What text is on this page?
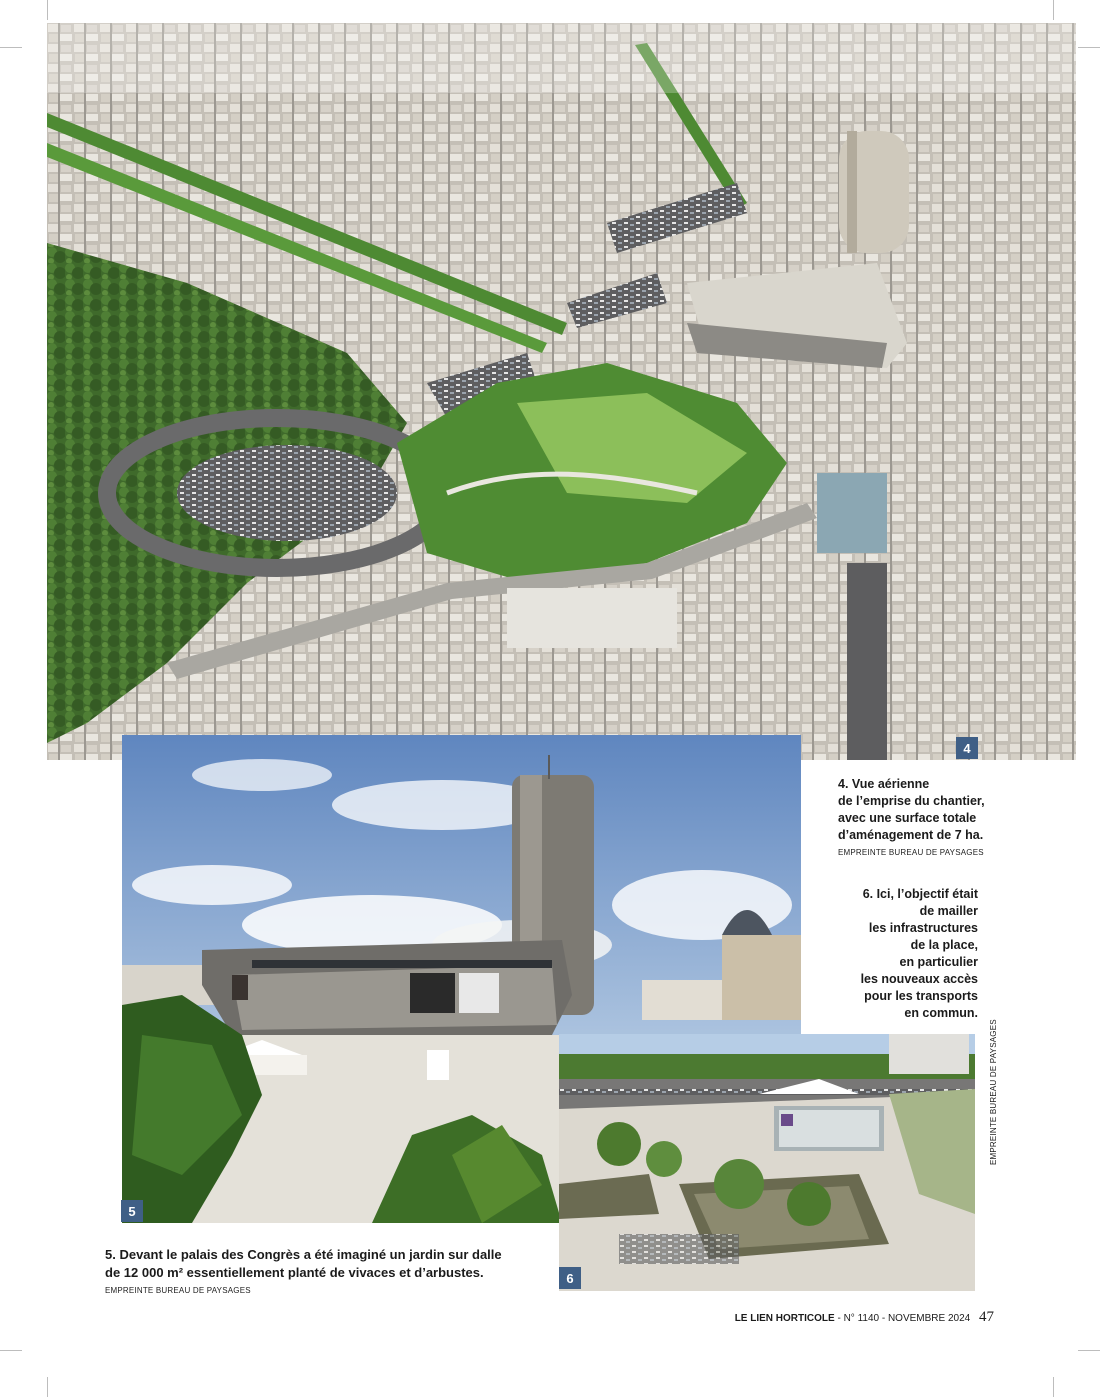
4
5
6
4. Vue aérienne
de l’emprise du chantier,
avec une surface totale
d’aménagement de 7 ha.
EMPREINTE BUREAU DE PAYSAGES
6. Ici, l’objectif était
de mailler
les infrastructures
de la place,
en particulier
les nouveaux accès
pour les transports
en commun.
5. Devant le palais des Congrès a été imaginé un jardin sur dalle
de 12 000 m² essentiellement planté de vivaces et d’arbustes.
EMPREINTE BUREAU DE PAYSAGES
EMPREINTE BUREAU DE PAYSAGES
LE LIEN HORTICOLE - N° 1140 - NOVEMBRE 2024 47
